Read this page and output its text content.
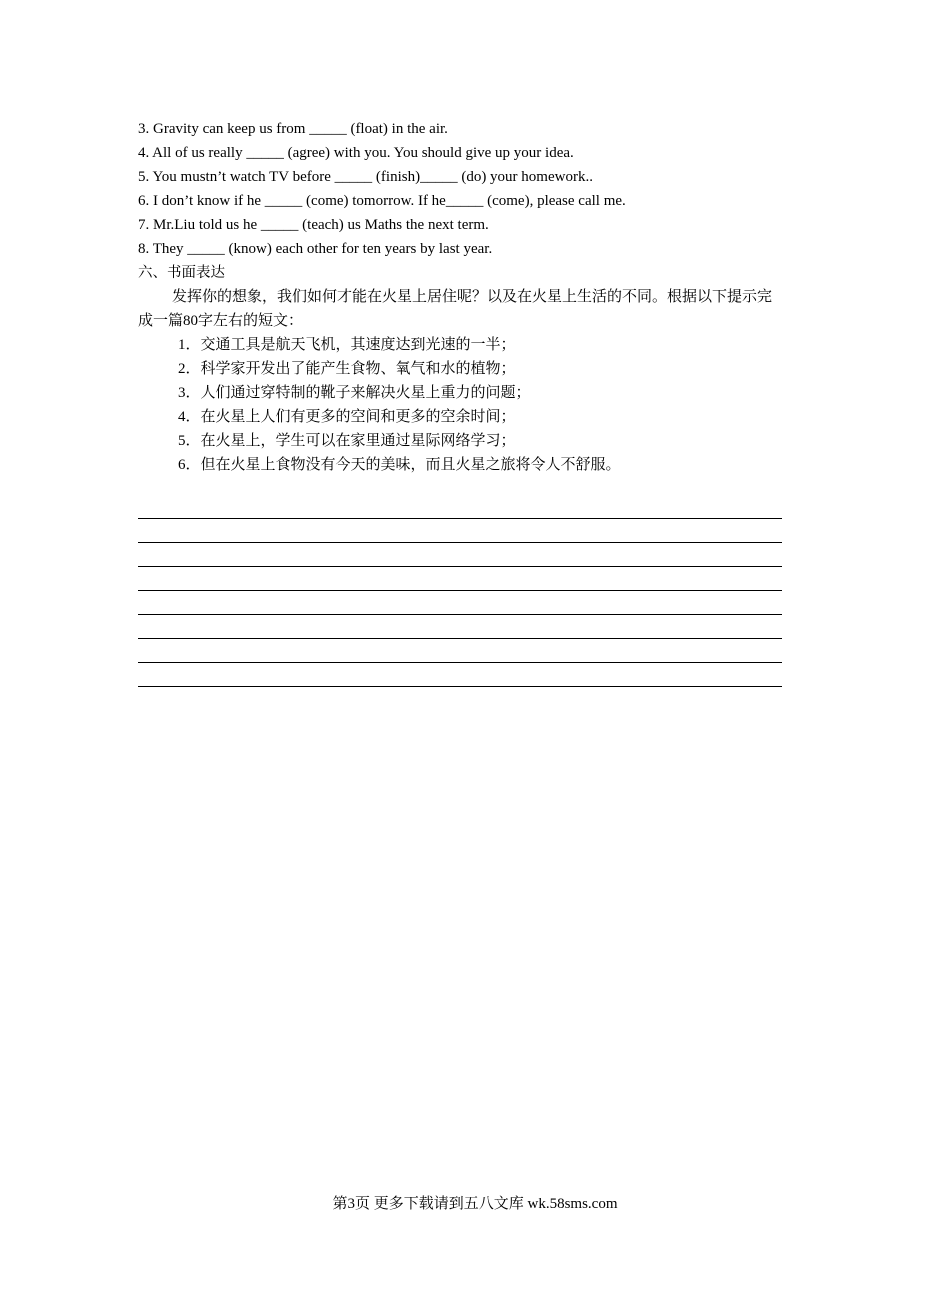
3. Gravity can keep us from _____ (float) in the air.
4. All of us really _____ (agree) with you. You should give up your idea.
5. You mustn’t watch TV before _____ (finish)_____ (do) your homework..
6. I don’t know if he _____ (come) tomorrow. If he_____ (come), please call me.
7. Mr.Liu told us he _____ (teach) us Maths the next term.
8. They _____ (know) each other for ten years by last year.
六、书面表达
发挥你的想象，我们如何才能在火星上居住呢？以及在火星上生活的不同。根据以下提示完成一篇80字左右的短文：
1．交通工具是航天飞机，其速度达到光速的一半；
2．科学家开发出了能产生食物、氧气和水的植物；
3．人们通过穿特制的靴子来解决火星上重力的问题；
4．在火星上人们有更多的空间和更多的空余时间；
5．在火星上，学生可以在家里通过星际网络学习；
6．但在火星上食物没有今天的美味，而且火星之旅将令人不舒服。
第3页 更多下载请到五八文库 wk.58sms.com
